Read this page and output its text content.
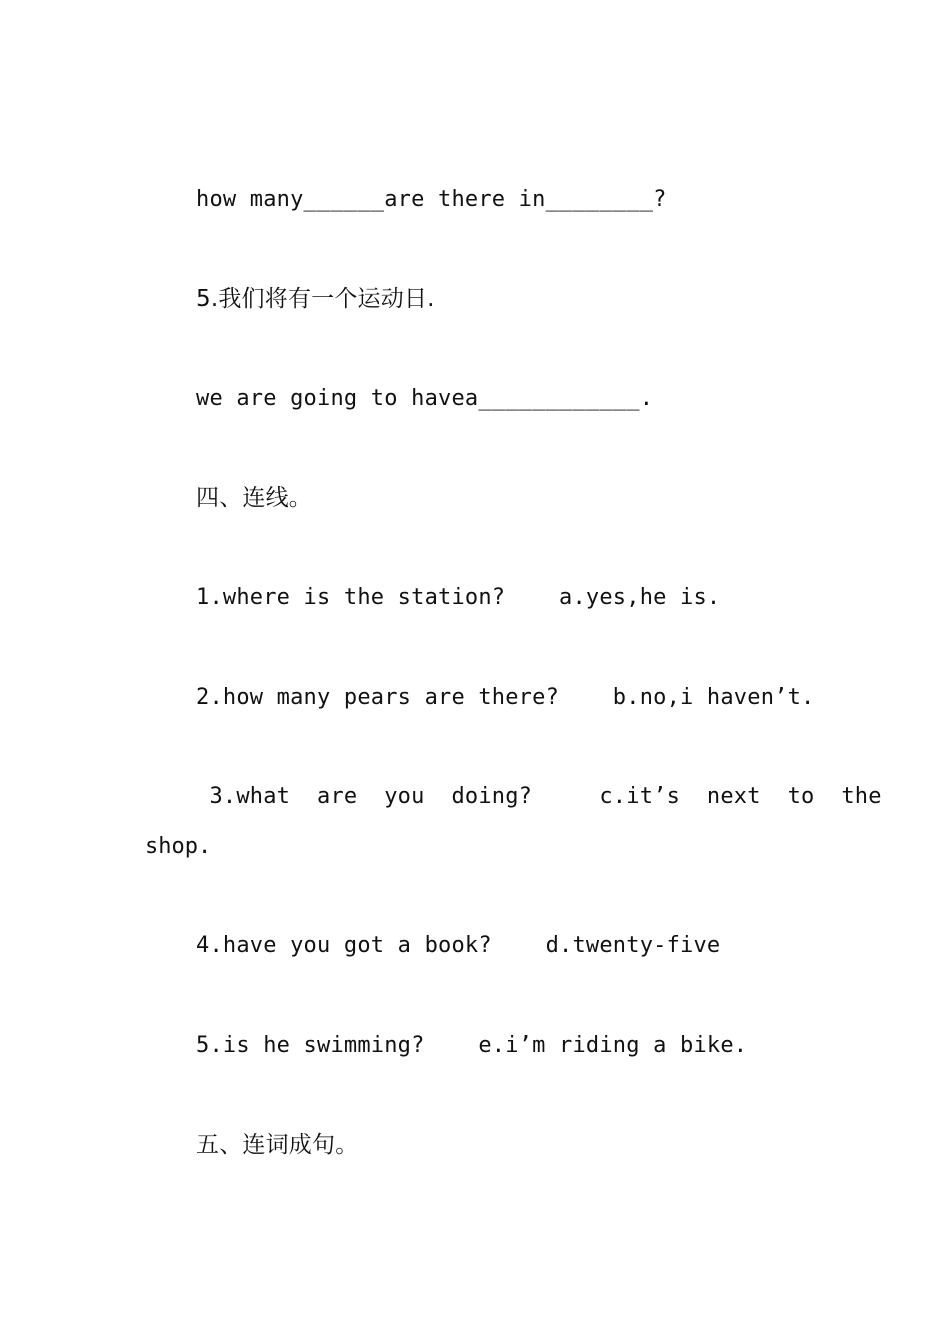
how many______are there in________?
5.我们将有一个运动日.
we are going to havea____________.
四、连线。
1.where is the station?    a.yes,he is.
2.how many pears are there?    b.no,i haven’t.
3.what  are  you  doing?     c.it’s  next  to  the
shop.
4.have you got a book?    d.twenty-five
5.is he swimming?    e.i’m riding a bike.
五、连词成句。
